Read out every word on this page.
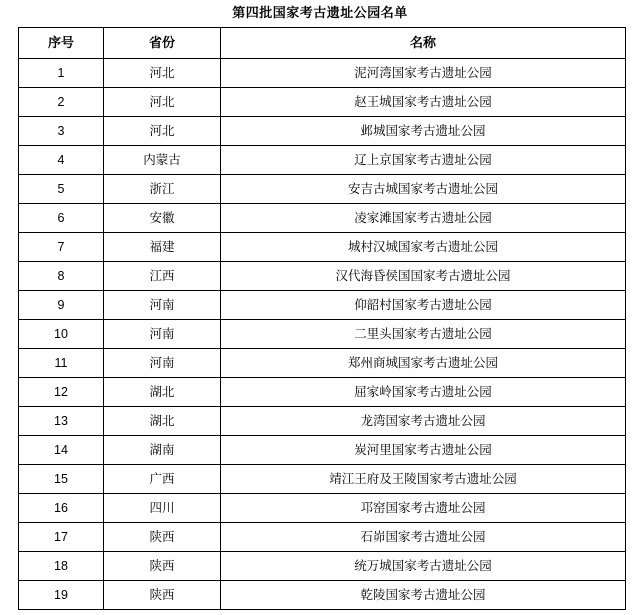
第四批国家考古遗址公园名单
序号	省份	名称
1	河北	泥河湾国家考古遗址公园
2	河北	赵王城国家考古遗址公园
3	河北	邺城国家考古遗址公园
4	内蒙古	辽上京国家考古遗址公园
5	浙江	安吉古城国家考古遗址公园
6	安徽	凌家滩国家考古遗址公园
7	福建	城村汉城国家考古遗址公园
8	江西	汉代海昏侯国国家考古遗址公园
9	河南	仰韶村国家考古遗址公园
10	河南	二里头国家考古遗址公园
11	河南	郑州商城国家考古遗址公园
12	湖北	屈家岭国家考古遗址公园
13	湖北	龙湾国家考古遗址公园
14	湖南	炭河里国家考古遗址公园
15	广西	靖江王府及王陵国家考古遗址公园
16	四川	邛窑国家考古遗址公园
17	陕西	石峁国家考古遗址公园
18	陕西	统万城国家考古遗址公园
19	陕西	乾陵国家考古遗址公园
